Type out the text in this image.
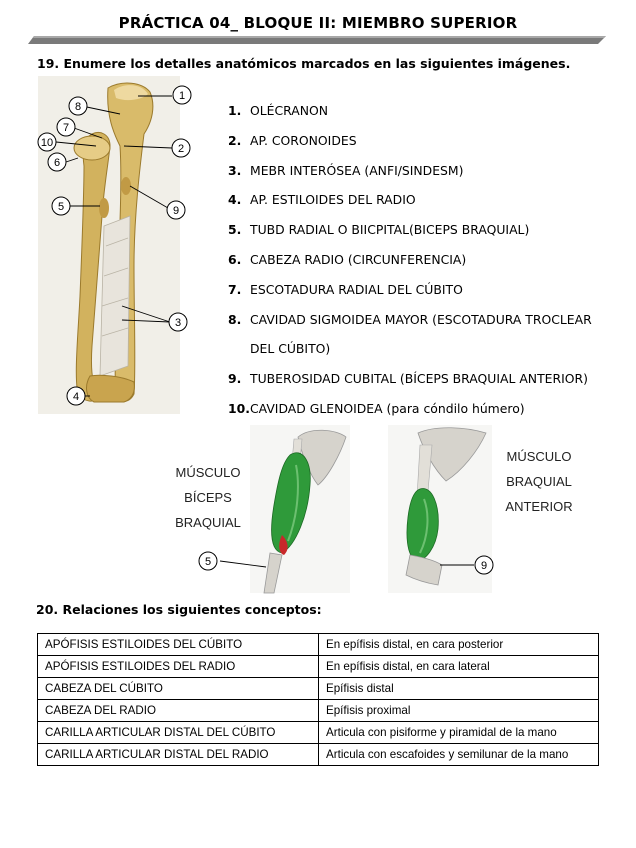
PRÁCTICA 04_ BLOQUE II: MIEMBRO SUPERIOR
19. Enumere los detalles anatómicos marcados en las siguientes imágenes.
1
2
3
4
5
6
7
8
9
10
1. OLÉCRANON
2. AP. CORONOIDES
3. MEBR INTERÓSEA (ANFI/SINDESM)
4. AP. ESTILOIDES DEL RADIO
5. TUBD RADIAL O BIICPITAL(BICEPS BRAQUIAL)
6. CABEZA RADIO (CIRCUNFERENCIA)
7. ESCOTADURA RADIAL DEL CÚBITO
8. CAVIDAD SIGMOIDEA MAYOR (ESCOTADURA TROCLEAR
DEL CÚBITO)
9. TUBEROSIDAD CUBITAL (BÍCEPS BRAQUIAL ANTERIOR)
10. CAVIDAD GLENOIDEA (para cóndilo húmero)
5
MÚSCULO
BÍCEPS
BRAQUIAL
9
MÚSCULO
BRAQUIAL
ANTERIOR
20. Relaciones los siguientes conceptos:
APÓFISIS ESTILOIDES DEL CÚBITO	En epífisis distal, en cara posterior
APÓFISIS ESTILOIDES DEL RADIO	En epífisis distal, en cara lateral
CABEZA DEL CÚBITO	Epífisis distal
CABEZA DEL RADIO	Epífisis proximal
CARILLA ARTICULAR DISTAL DEL CÚBITO	Articula con pisiforme y piramidal de la mano
CARILLA ARTICULAR DISTAL DEL RADIO	Articula con escafoides y semilunar de la mano
